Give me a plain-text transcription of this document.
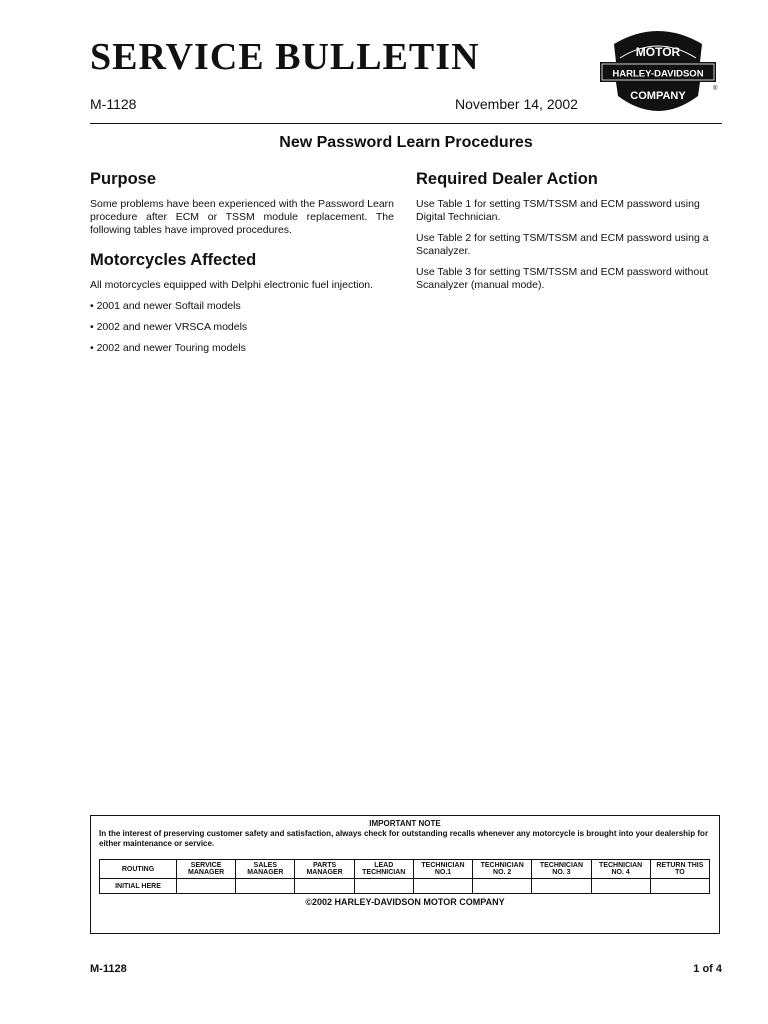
SERVICE BULLETIN
M-1128	November 14, 2002
MOTOR
HARLEY-DAVIDSON
COMPANY
®
New Password Learn Procedures
Purpose

Some problems have been experienced with the Password Learn procedure after ECM or TSSM module replacement. The following tables have improved procedures.

Motorcycles Affected

All motorcycles equipped with Delphi electronic fuel injection.

• 2001 and newer Softail models

• 2002 and newer VRSCA models

• 2002 and newer Touring models

Required Dealer Action

Use Table 1 for setting TSM/TSSM and ECM password using Digital Technician.

Use Table 2 for setting TSM/TSSM and ECM password using a Scanalyzer.

Use Table 3 for setting TSM/TSSM and ECM password without Scanalyzer (manual mode).

IMPORTANT NOTE
In the interest of preserving customer safety and satisfaction, always check for outstanding recalls whenever any motorcycle is brought into your dealership for either maintenance or service.
ROUTING	SERVICE MANAGER	SALES MANAGER	PARTS MANAGER	LEAD TECHNICIAN	TECHNICIAN NO.1	TECHNICIAN NO. 2	TECHNICIAN NO. 3	TECHNICIAN NO. 4	RETURN THIS TO
INITIAL HERE									
©2002 HARLEY-DAVIDSON MOTOR COMPANY
M-1128	1 of 4
